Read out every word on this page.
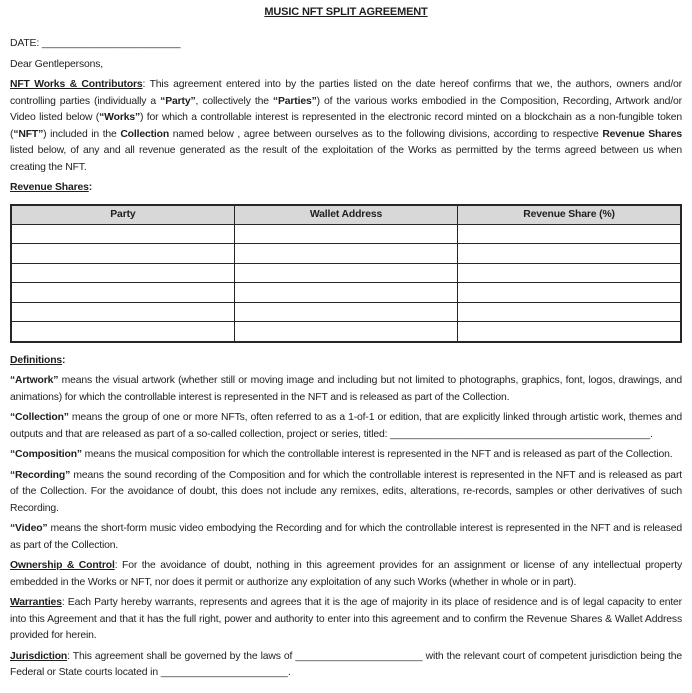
MUSIC NFT SPLIT AGREEMENT

DATE: ________________________

Dear Gentlepersons,

NFT Works & Contributors: This agreement entered into by the parties listed on the date hereof confirms that we, the authors, owners and/or controlling parties (individually a “Party”, collectively the “Parties”) of the various works embodied in the Composition, Recording, Artwork and/or Video listed below (“Works”) for which a controllable interest is represented in the electronic record minted on a blockchain as a non-fungible token (“NFT”) included in the Collection named below , agree between ourselves as to the following divisions, according to respective Revenue Shares listed below, of any and all revenue generated as the result of the exploitation of the Works as permitted by the terms agreed between us when creating the NFT.

Revenue Shares:

Party	Wallet Address	Revenue Share (%)

Definitions:

“Artwork” means the visual artwork (whether still or moving image and including but not limited to photographs, graphics, font, logos, drawings, and animations) for which the controllable interest is represented in the NFT and is released as part of the Collection.

“Collection” means the group of one or more NFTs, often referred to as a 1-of-1 or edition, that are explicitly linked through artistic work, themes and outputs and that are released as part of a so-called collection, project or series, titled: _____________________________________________.

“Composition” means the musical composition for which the controllable interest is represented in the NFT and is released as part of the Collection.

“Recording” means the sound recording of the Composition and for which the controllable interest is represented in the NFT and is released as part of the Collection. For the avoidance of doubt, this does not include any remixes, edits, alterations, re-records, samples or other derivatives of such Recording.

“Video” means the short-form music video embodying the Recording and for which the controllable interest is represented in the NFT and is released as part of the Collection.

Ownership & Control: For the avoidance of doubt, nothing in this agreement provides for an assignment or license of any intellectual property embedded in the Works or NFT, nor does it permit or authorize any exploitation of any such Works (whether in whole or in part).

Warranties: Each Party hereby warrants, represents and agrees that it is the age of majority in its place of residence and is of legal capacity to enter into this Agreement and that it has the full right, power and authority to enter into this agreement and to confirm the Revenue Shares & Wallet Address provided for herein.

Jurisdiction: This agreement shall be governed by the laws of ______________________ with the relevant court of competent jurisdiction being the Federal or State courts located in ______________________.
